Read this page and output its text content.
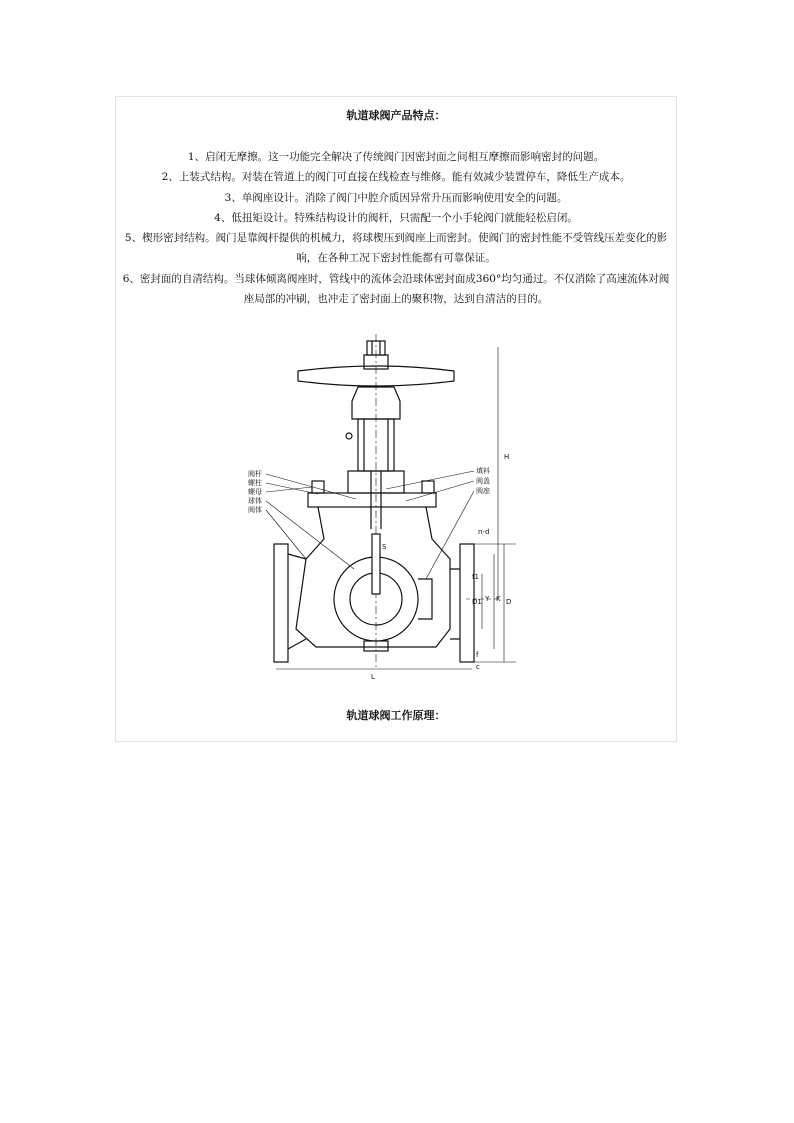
轨道球阀产品特点：

1、启闭无摩擦。这一功能完全解决了传统阀门因密封面之间相互摩擦而影响密封的问题。

2、上装式结构。对装在管道上的阀门可直接在线检查与维修。能有效减少装置停车，降低生产成本。

3、单阀座设计。消除了阀门中腔介质因异常升压而影响使用安全的问题。

4、低扭矩设计。特殊结构设计的阀杆，只需配一个小手轮阀门就能轻松启闭。

5、楔形密封结构。阀门是靠阀杆提供的机械力，将球楔压到阀座上而密封。使阀门的密封性能不受管线压差变化的影响，在各种工况下密封性能都有可靠保证。

6、密封面的自清结构。当球体倾离阀座时，管线中的流体会沿球体密封面成360°均匀通过。不仅消除了高速流体对阀座局部的冲刷，也冲走了密封面上的聚积物，达到自清洁的目的。

阀杆
螺柱
螺母
球体
阀体
填料
阀盖
阀座
H
L
n-d
f1
Y
D1 K D
f
c
S
轨道球阀工作原理：
